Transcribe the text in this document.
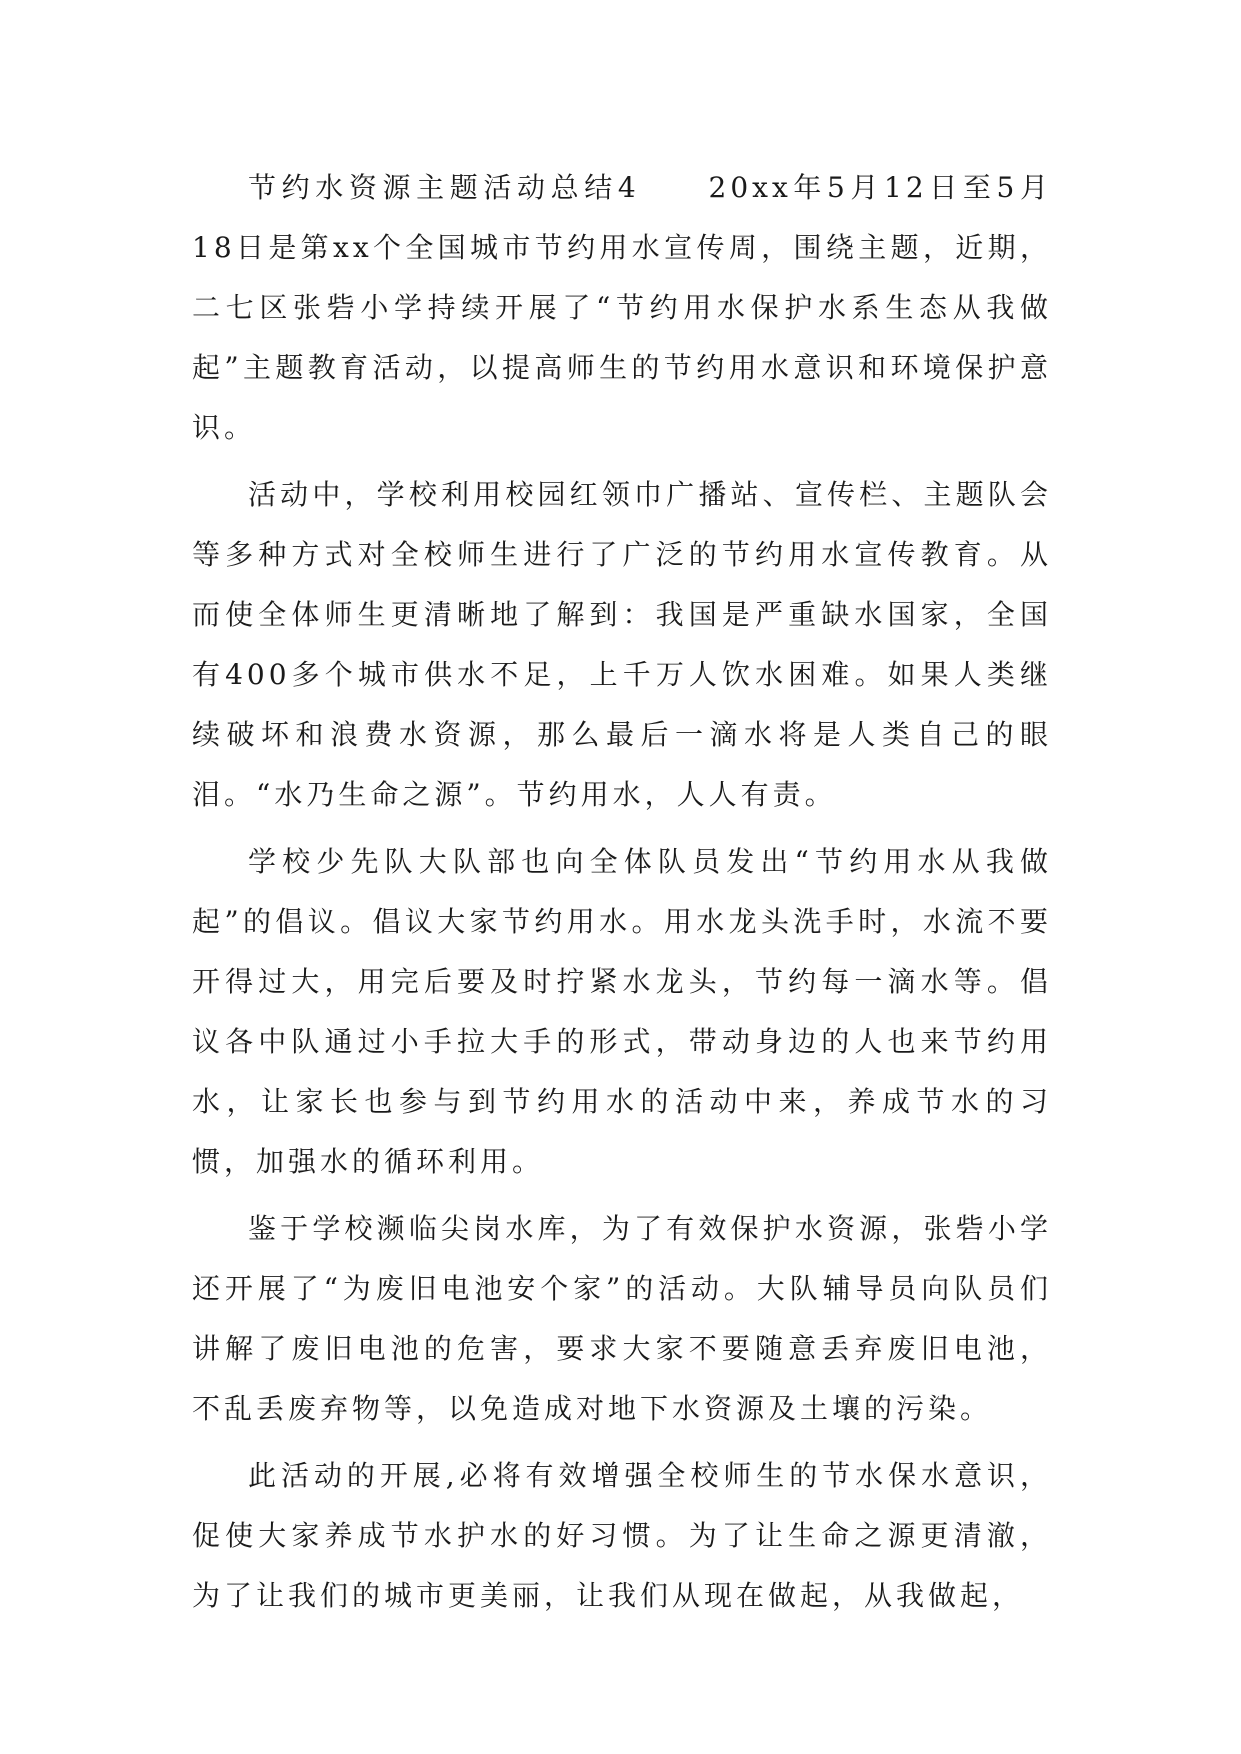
节约水资源主题活动总结4　　20xx年5月12日至5月18日是第xx个全国城市节约用水宣传周，围绕主题，近期，二七区张砦小学持续开展了“节约用水保护水系生态从我做起”主题教育活动，以提高师生的节约用水意识和环境保护意识。

活动中，学校利用校园红领巾广播站、宣传栏、主题队会等多种方式对全校师生进行了广泛的节约用水宣传教育。从而使全体师生更清晰地了解到：我国是严重缺水国家，全国有400多个城市供水不足，上千万人饮水困难。如果人类继续破坏和浪费水资源，那么最后一滴水将是人类自己的眼泪。“水乃生命之源”。节约用水，人人有责。

学校少先队大队部也向全体队员发出“节约用水从我做起”的倡议。倡议大家节约用水。用水龙头洗手时，水流不要开得过大，用完后要及时拧紧水龙头，节约每一滴水等。倡议各中队通过小手拉大手的形式，带动身边的人也来节约用水，让家长也参与到节约用水的活动中来，养成节水的习惯，加强水的循环利用。

鉴于学校濒临尖岗水库，为了有效保护水资源，张砦小学还开展了“为废旧电池安个家”的活动。大队辅导员向队员们讲解了废旧电池的危害，要求大家不要随意丢弃废旧电池，不乱丢废弃物等，以免造成对地下水资源及土壤的污染。

此活动的开展,必将有效增强全校师生的节水保水意识，促使大家养成节水护水的好习惯。为了让生命之源更清澈，为了让我们的城市更美丽，让我们从现在做起，从我做起，
